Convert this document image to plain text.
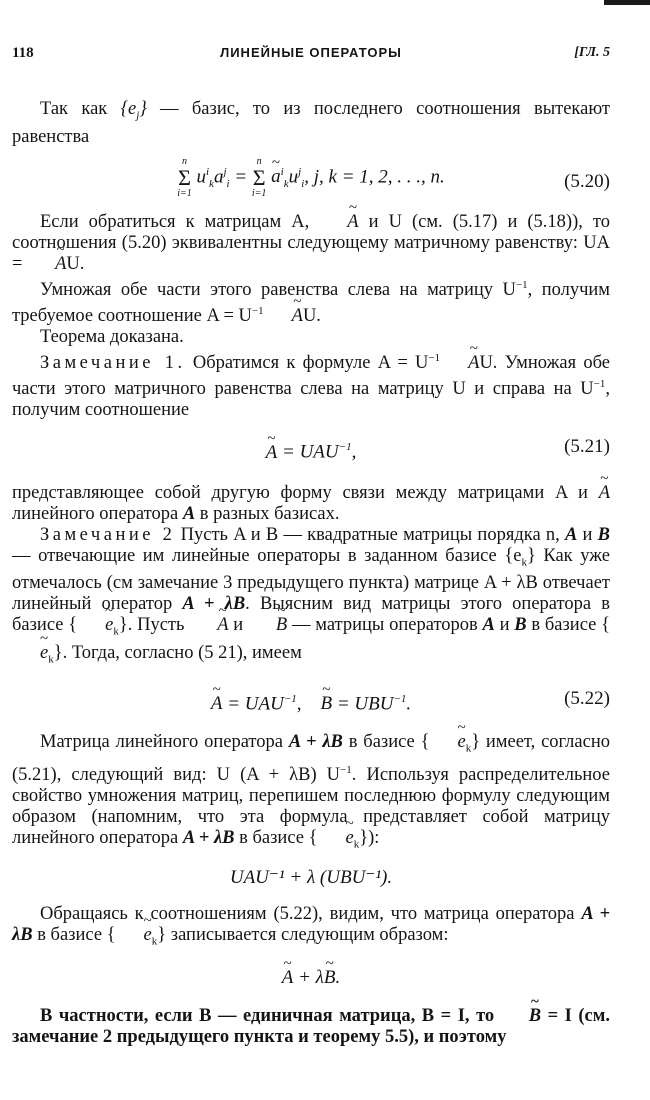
118	ЛИНЕЙНЫЕ ОПЕРАТОРЫ	[ГЛ. 5

Так как $\{e_j\}$ — базис, то из последнего соотношения вытекают равенства

n
Σ
i=1
$u^i_ka^j_i$ =
n
Σ
i=1
~ $a^i_ku^j_i$, j, k = 1, 2, . . ., n.	(5.20)

Если обратиться к матрицам A, ~ A и U (см. (5.17) и (5.18)), то соотношения (5.20) эквивалентны следующему матричному равенству: UA = ~ AU.

Умножая обе части этого равенства слева на матрицу $U^{-1}$, получим требуемое соотношение $A = U^{-1}\sim$ AU.

Теорема доказана.

Замечание 1. Обратимся к формуле $A = U^{-1}\sim$ AU. Умножая обе части этого матричного равенства слева на матрицу U и справа на $U^{-1}$, получим соотношение

~ $A = UAU^{-1}$,	(5.21)

представляющее собой другую форму связи между матрицами A и ~ A линейного оператора A в разных базисах.

Замечание 2 Пусть A и B — квадратные матрицы порядка n, A и B — отвечающие им линейные операторы в заданном базисе $\{e_k\}$ Как уже отмечалось (см замечание 3 предыдущего пункта) матрице A + λB отвечает линейный оператор A + λB. Выясним вид матрицы этого оператора в базисе {~ $e_k$}. Пусть ~ A и ~ B — матрицы операторов A и B в базисе {~ $e_k$}. Тогда, согласно (5 21), имеем

~ $A = UAU^{-1}$,    ~ $B = UBU^{-1}$.	(5.22)

Матрица линейного оператора A + λB в базисе {~ $e_k$} имеет, согласно (5.21), следующий вид: U (A + λB) $U^{-1}$. Используя распределительное свойство умножения матриц, перепишем последнюю формулу следующим образом (напомним, что эта формула представляет собой матрицу линейного оператора A + λB в базисе {~ $e_k$}):

UAU⁻¹ + λ (UBU⁻¹).

Обращаясь к соотношениям (5.22), видим, что матрица оператора A + λB в базисе {~ $e_k$} записывается следующим образом:

~ A + λ~ B.

В частности, если B — единичная матрица, B = I, то ~ B = I (см. замечание 2 предыдущего пункта и теорему 5.5), и поэтому
